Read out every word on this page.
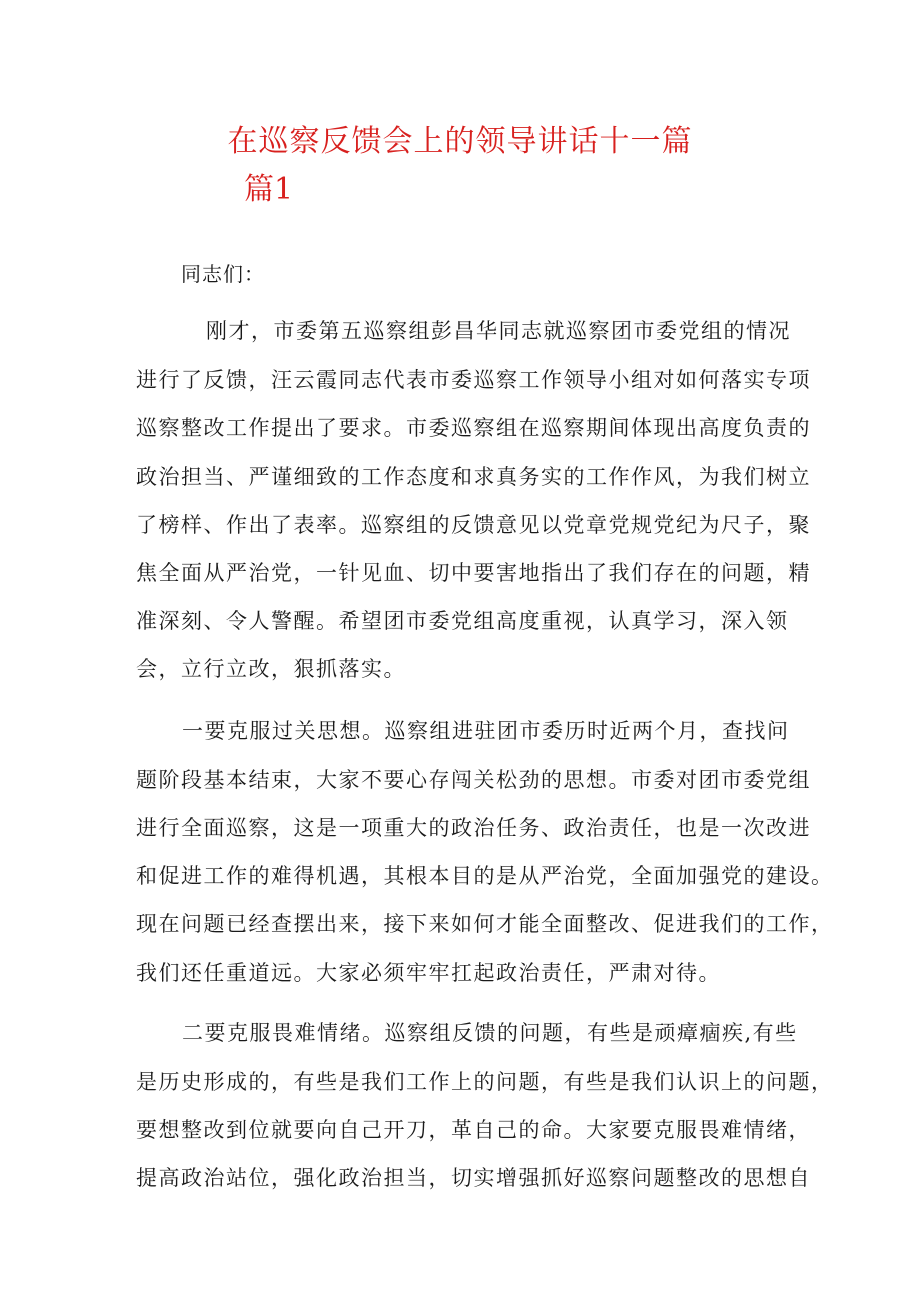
在巡察反馈会上的领导讲话十一篇
篇1

同志们：

刚才，市委第五巡察组彭昌华同志就巡察团市委党组的情况

进行了反馈，汪云霞同志代表市委巡察工作领导小组对如何落实专项

巡察整改工作提出了要求。市委巡察组在巡察期间体现出高度负责的

政治担当、严谨细致的工作态度和求真务实的工作作风，为我们树立

了榜样、作出了表率。巡察组的反馈意见以党章党规党纪为尺子，聚

焦全面从严治党，一针见血、切中要害地指出了我们存在的问题，精

准深刻、令人警醒。希望团市委党组高度重视，认真学习，深入领

会，立行立改，狠抓落实。

一要克服过关思想。巡察组进驻团市委历时近两个月，查找问

题阶段基本结束，大家不要心存闯关松劲的思想。市委对团市委党组

进行全面巡察，这是一项重大的政治任务、政治责任，也是一次改进

和促进工作的难得机遇，其根本目的是从严治党，全面加强党的建设。

现在问题已经查摆出来，接下来如何才能全面整改、促进我们的工作，

我们还任重道远。大家必须牢牢扛起政治责任，严肃对待。

二要克服畏难情绪。巡察组反馈的问题，有些是顽瘴痼疾,有些

是历史形成的，有些是我们工作上的问题，有些是我们认识上的问题，

要想整改到位就要向自己开刀，革自己的命。大家要克服畏难情绪，

提高政治站位，强化政治担当，切实增强抓好巡察问题整改的思想自
